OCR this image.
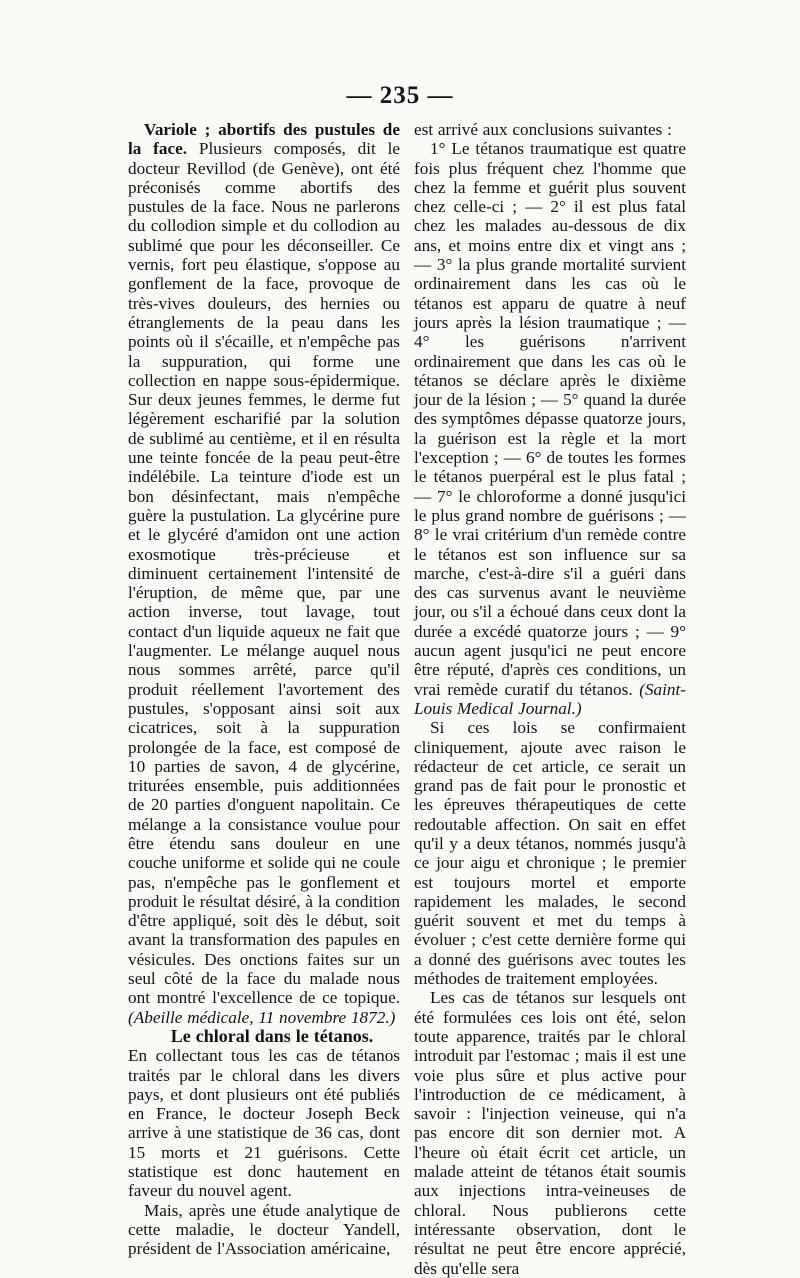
— 235 —

Variole ; abortifs des pustules de la face. Plusieurs composés, dit le docteur Revillod (de Genève), ont été préconisés comme abortifs des pustules de la face. Nous ne parlerons du collodion simple et du collodion au sublimé que pour les déconseiller. Ce vernis, fort peu élastique, s'oppose au gonflement de la face, provoque de très-vives douleurs, des hernies ou étranglements de la peau dans les points où il s'écaille, et n'empêche pas la suppuration, qui forme une collection en nappe sous-épidermique. Sur deux jeunes femmes, le derme fut légèrement escharifié par la solution de sublimé au centième, et il en résulta une teinte foncée de la peau peut-être indélébile. La teinture d'iode est un bon désinfectant, mais n'empêche guère la pustulation. La glycérine pure et le glycéré d'amidon ont une action exosmotique très-précieuse et diminuent certainement l'intensité de l'éruption, de même que, par une action inverse, tout lavage, tout contact d'un liquide aqueux ne fait que l'augmenter. Le mélange auquel nous nous sommes arrêté, parce qu'il produit réellement l'avortement des pustules, s'opposant ainsi soit aux cicatrices, soit à la suppuration prolongée de la face, est composé de 10 parties de savon, 4 de glycérine, triturées ensemble, puis additionnées de 20 parties d'onguent napolitain. Ce mélange a la consistance voulue pour être étendu sans douleur en une couche uniforme et solide qui ne coule pas, n'empêche pas le gonflement et produit le résultat désiré, à la condition d'être appliqué, soit dès le début, soit avant la transformation des papules en vésicules. Des onctions faites sur un seul côté de la face du malade nous ont montré l'excellence de ce topique. (Abeille médicale, 11 novembre 1872.)

Le chloral dans le tétanos.

En collectant tous les cas de tétanos traités par le chloral dans les divers pays, et dont plusieurs ont été publiés en France, le docteur Joseph Beck arrive à une statistique de 36 cas, dont 15 morts et 21 guérisons. Cette statistique est donc hautement en faveur du nouvel agent.

Mais, après une étude analytique de cette maladie, le docteur Yandell, président de l'Association américaine,

est arrivé aux conclusions suivantes :

1° Le tétanos traumatique est quatre fois plus fréquent chez l'homme que chez la femme et guérit plus souvent chez celle-ci ; — 2° il est plus fatal chez les malades au-dessous de dix ans, et moins entre dix et vingt ans ; — 3° la plus grande mortalité survient ordinairement dans les cas où le tétanos est apparu de quatre à neuf jours après la lésion traumatique ; — 4° les guérisons n'arrivent ordinairement que dans les cas où le tétanos se déclare après le dixième jour de la lésion ; — 5° quand la durée des symptômes dépasse quatorze jours, la guérison est la règle et la mort l'exception ; — 6° de toutes les formes le tétanos puerpéral est le plus fatal ; — 7° le chloroforme a donné jusqu'ici le plus grand nombre de guérisons ; — 8° le vrai critérium d'un remède contre le tétanos est son influence sur sa marche, c'est-à-dire s'il a guéri dans des cas survenus avant le neuvième jour, ou s'il a échoué dans ceux dont la durée a excédé quatorze jours ; — 9° aucun agent jusqu'ici ne peut encore être réputé, d'après ces conditions, un vrai remède curatif du tétanos. (Saint-Louis Medical Journal.)

Si ces lois se confirmaient cliniquement, ajoute avec raison le rédacteur de cet article, ce serait un grand pas de fait pour le pronostic et les épreuves thérapeutiques de cette redoutable affection. On sait en effet qu'il y a deux tétanos, nommés jusqu'à ce jour aigu et chronique ; le premier est toujours mortel et emporte rapidement les malades, le second guérit souvent et met du temps à évoluer ; c'est cette dernière forme qui a donné des guérisons avec toutes les méthodes de traitement employées.

Les cas de tétanos sur lesquels ont été formulées ces lois ont été, selon toute apparence, traités par le chloral introduit par l'estomac ; mais il est une voie plus sûre et plus active pour l'introduction de ce médicament, à savoir : l'injection veineuse, qui n'a pas encore dit son dernier mot. A l'heure où était écrit cet article, un malade atteint de tétanos était soumis aux injections intra-veineuses de chloral. Nous publierons cette intéressante observation, dont le résultat ne peut être encore apprécié, dès qu'elle sera
